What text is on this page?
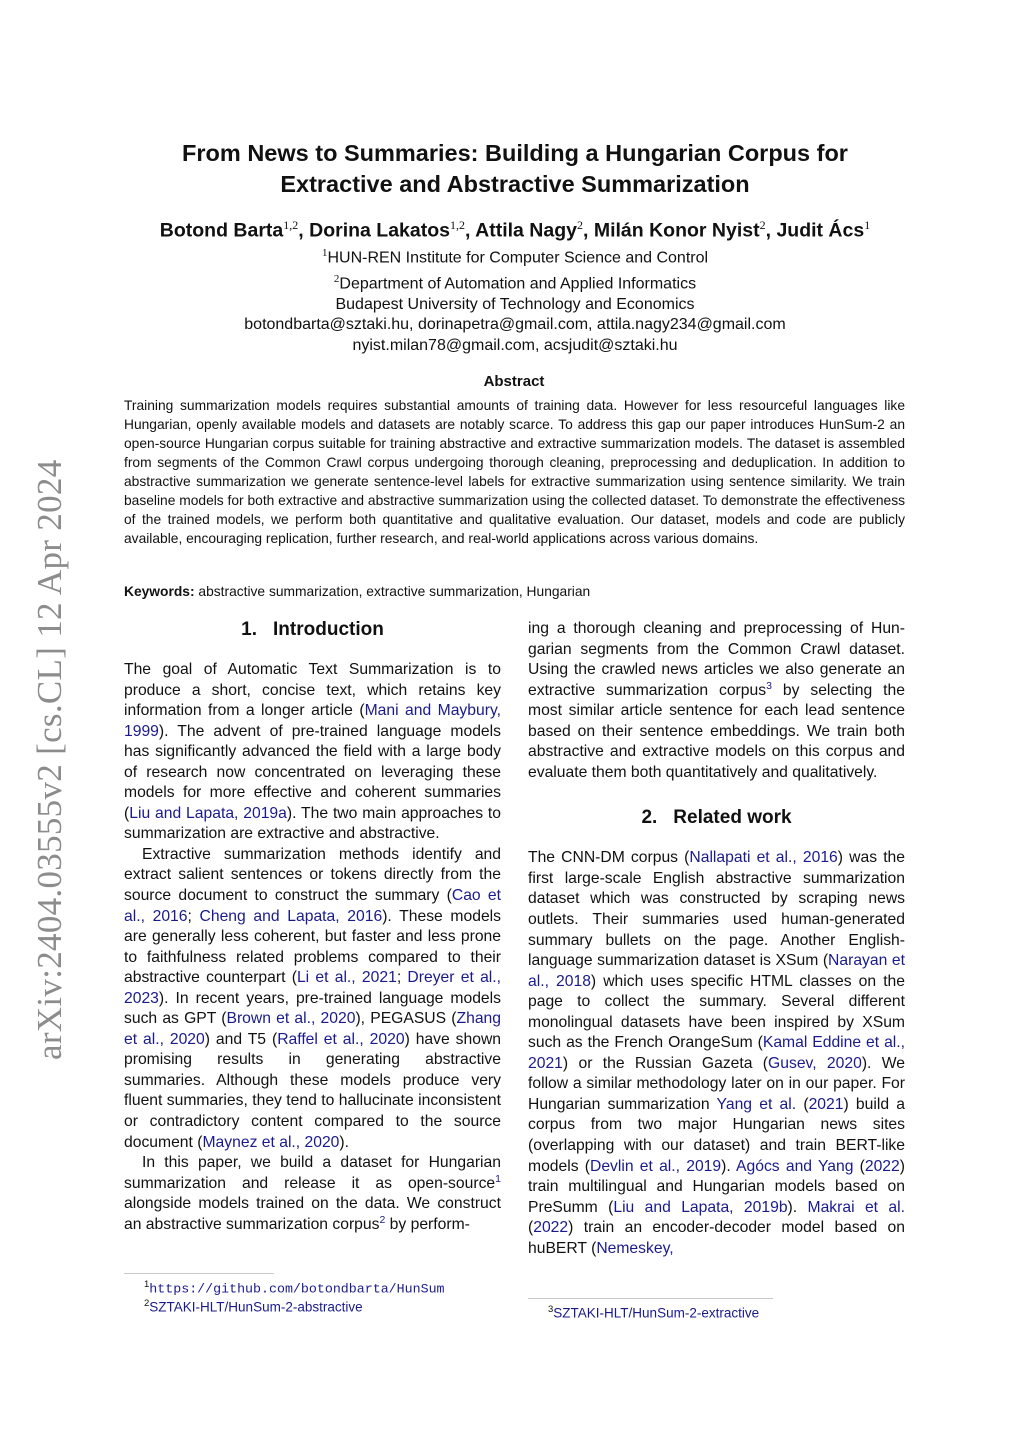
arXiv:2404.03555v2 [cs.CL] 12 Apr 2024
From News to Summaries: Building a Hungarian Corpus for
Extractive and Abstractive Summarization

Botond Barta$^{1,2}$, Dorina Lakatos$^{1,2}$, Attila Nagy$^2$, Milán Konor Nyist$^2$, Judit Ács$^1$

$^1$HUN-REN Institute for Computer Science and Control
$^2$Department of Automation and Applied Informatics
Budapest University of Technology and Economics
botondbarta@sztaki.hu, dorinapetra@gmail.com, attila.nagy234@gmail.com
nyist.milan78@gmail.com, acsjudit@sztaki.hu
Abstract

Training summarization models requires substantial amounts of training data. However for less resourceful languages like Hungarian, openly available models and datasets are notably scarce. To address this gap our paper introduces HunSum-2 an open-source Hungarian corpus suitable for training abstractive and extractive summarization models. The dataset is assembled from segments of the Common Crawl corpus undergoing thorough cleaning, preprocessing and deduplication. In addition to abstractive summarization we generate sentence-level labels for extractive summarization using sentence similarity. We train baseline models for both extractive and abstractive summarization using the collected dataset. To demonstrate the effectiveness of the trained models, we perform both quantitative and qualitative evaluation. Our dataset, models and code are publicly available, encouraging replication, further research, and real-world applications across various domains.

Keywords: abstractive summarization, extractive summarization, Hungarian

1. Introduction

The goal of Automatic Text Summarization is to produce a short, concise text, which retains key information from a longer article (Mani and Maybury, 1999). The advent of pre-trained language models has significantly advanced the field with a large body of research now concentrated on leveraging these models for more effective and coherent summaries (Liu and Lapata, 2019a). The two main approaches to summarization are extractive and abstractive.

Extractive summarization methods identify and extract salient sentences or tokens directly from the source document to construct the summary (Cao et al., 2016; Cheng and Lapata, 2016). These models are generally less coherent, but faster and less prone to faithfulness related problems compared to their abstractive counterpart (Li et al., 2021; Dreyer et al., 2023). In recent years, pre-trained language models such as GPT (Brown et al., 2020), PEGASUS (Zhang et al., 2020) and T5 (Raffel et al., 2020) have shown promising results in generating abstractive summaries. Although these models produce very fluent summaries, they tend to hallucinate inconsistent or contradictory content compared to the source document (Maynez et al., 2020).

In this paper, we build a dataset for Hungarian summarization and release it as open-source$^1$ alongside models trained on the data. We construct an abstractive summarization corpus$^2$ by perform-

$^1$https://github.com/botondbarta/HunSum

$^2$SZTAKI-HLT/HunSum-2-abstractive

ing a thorough cleaning and preprocessing of Hungarian segments from the Common Crawl dataset. Using the crawled news articles we also generate an extractive summarization corpus$^3$ by selecting the most similar article sentence for each lead sentence based on their sentence embeddings. We train both abstractive and extractive models on this corpus and evaluate them both quantitatively and qualitatively.

2. Related work

The CNN-DM corpus (Nallapati et al., 2016) was the first large-scale English abstractive summarization dataset which was constructed by scraping news outlets. Their summaries used human-generated summary bullets on the page. Another English-language summarization dataset is XSum (Narayan et al., 2018) which uses specific HTML classes on the page to collect the summary. Several different monolingual datasets have been inspired by XSum such as the French OrangeSum (Kamal Eddine et al., 2021) or the Russian Gazeta (Gusev, 2020). We follow a similar methodology later on in our paper. For Hungarian summarization Yang et al. (2021) build a corpus from two major Hungarian news sites (overlapping with our dataset) and train BERT-like models (Devlin et al., 2019). Agócs and Yang (2022) train multilingual and Hungarian models based on PreSumm (Liu and Lapata, 2019b). Makrai et al. (2022) train an encoder-decoder model based on huBERT (Nemeskey,

$^3$SZTAKI-HLT/HunSum-2-extractive
